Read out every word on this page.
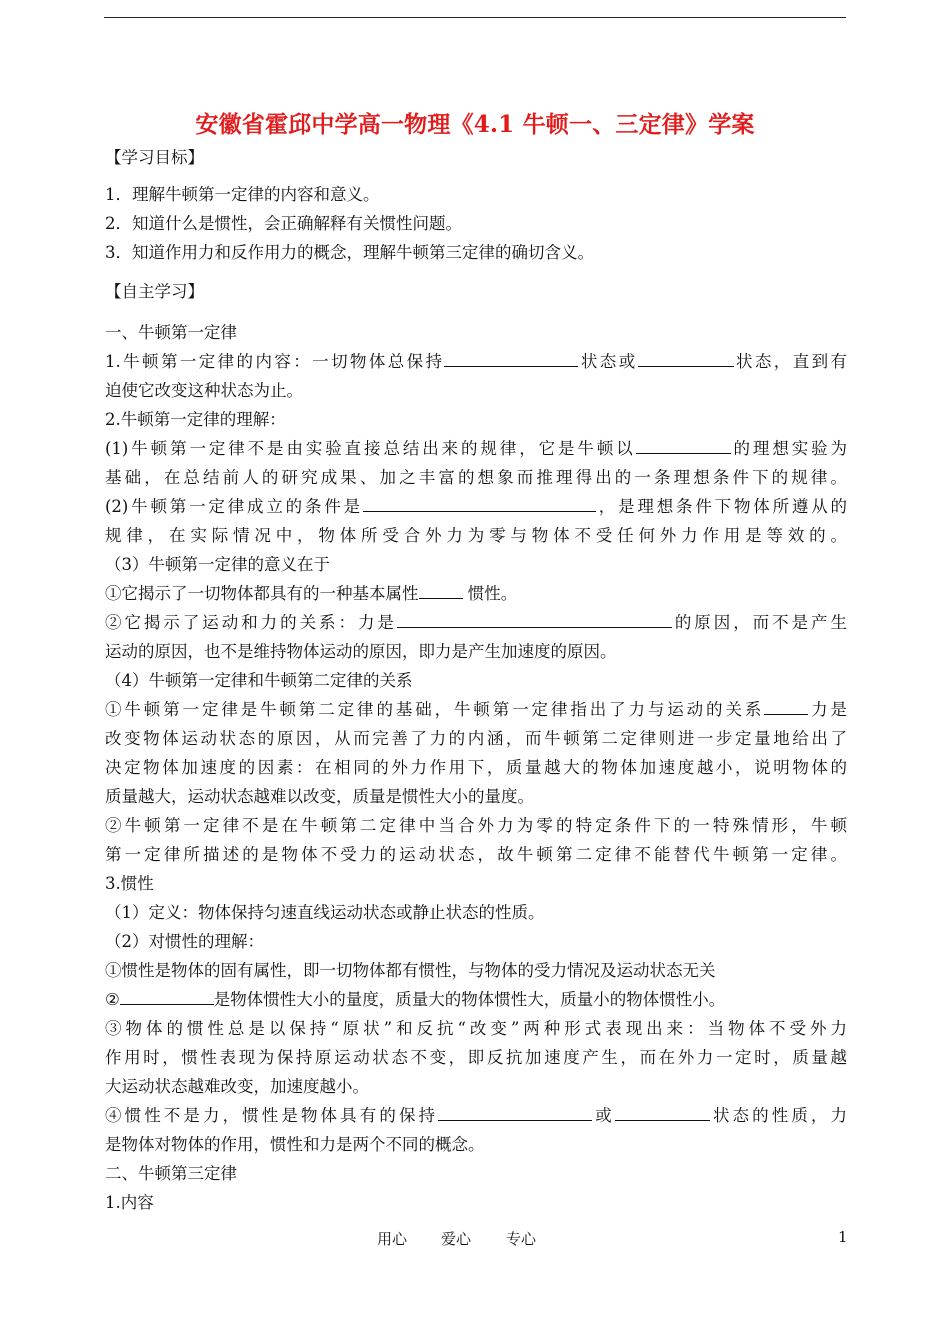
安徽省霍邱中学高一物理《4.1 牛顿一、三定律》学案
【学习目标】
1．理解牛顿第一定律的内容和意义。
2．知道什么是惯性，会正确解释有关惯性问题。
3．知道作用力和反作用力的概念，理解牛顿第三定律的确切含义。
【自主学习】
一、牛顿第一定律
1.牛顿第一定律的内容：一切物体总保持	状态或	状态，直到有
迫使它改变这种状态为止。
2.牛顿第一定律的理解：
(1)牛顿第一定律不是由实验直接总结出来的规律，它是牛顿以	的理想实验为
基础，在总结前人的研究成果、加之丰富的想象而推理得出的一条理想条件下的规律。
(2)牛顿第一定律成立的条件是	，是理想条件下物体所遵从的
规律，在实际情况中，物体所受合外力为零与物体不受任何外力作用是等效的。
（3）牛顿第一定律的意义在于
①它揭示了一切物体都具有的一种基本属性	惯性。
②它揭示了运动和力的关系：力是	的原因，而不是产生
运动的原因，也不是维持物体运动的原因，即力是产生加速度的原因。
（4）牛顿第一定律和牛顿第二定律的关系
①牛顿第一定律是牛顿第二定律的基础，牛顿第一定律指出了力与运动的关系	力是
改变物体运动状态的原因，从而完善了力的内涵，而牛顿第二定律则进一步定量地给出了
决定物体加速度的因素：在相同的外力作用下，质量越大的物体加速度越小，说明物体的
质量越大，运动状态越难以改变，质量是惯性大小的量度。
②牛顿第一定律不是在牛顿第二定律中当合外力为零的特定条件下的一特殊情形，牛顿
第一定律所描述的是物体不受力的运动状态，故牛顿第二定律不能替代牛顿第一定律。
3.惯性
（1）定义：物体保持匀速直线运动状态或静止状态的性质。
（2）对惯性的理解：
①惯性是物体的固有属性，即一切物体都有惯性，与物体的受力情况及运动状态无关
②	是物体惯性大小的量度，质量大的物体惯性大，质量小的物体惯性小。
③物体的惯性总是以保持“原状”和反抗“改变”两种形式表现出来：当物体不受外力
作用时，惯性表现为保持原运动状态不变，即反抗加速度产生，而在外力一定时，质量越
大运动状态越难改变，加速度越小。
④惯性不是力，惯性是物体具有的保持	或	状态的性质，力
是物体对物体的作用，惯性和力是两个不同的概念。
二、牛顿第三定律
1.内容
用心 爱心 专心	1
